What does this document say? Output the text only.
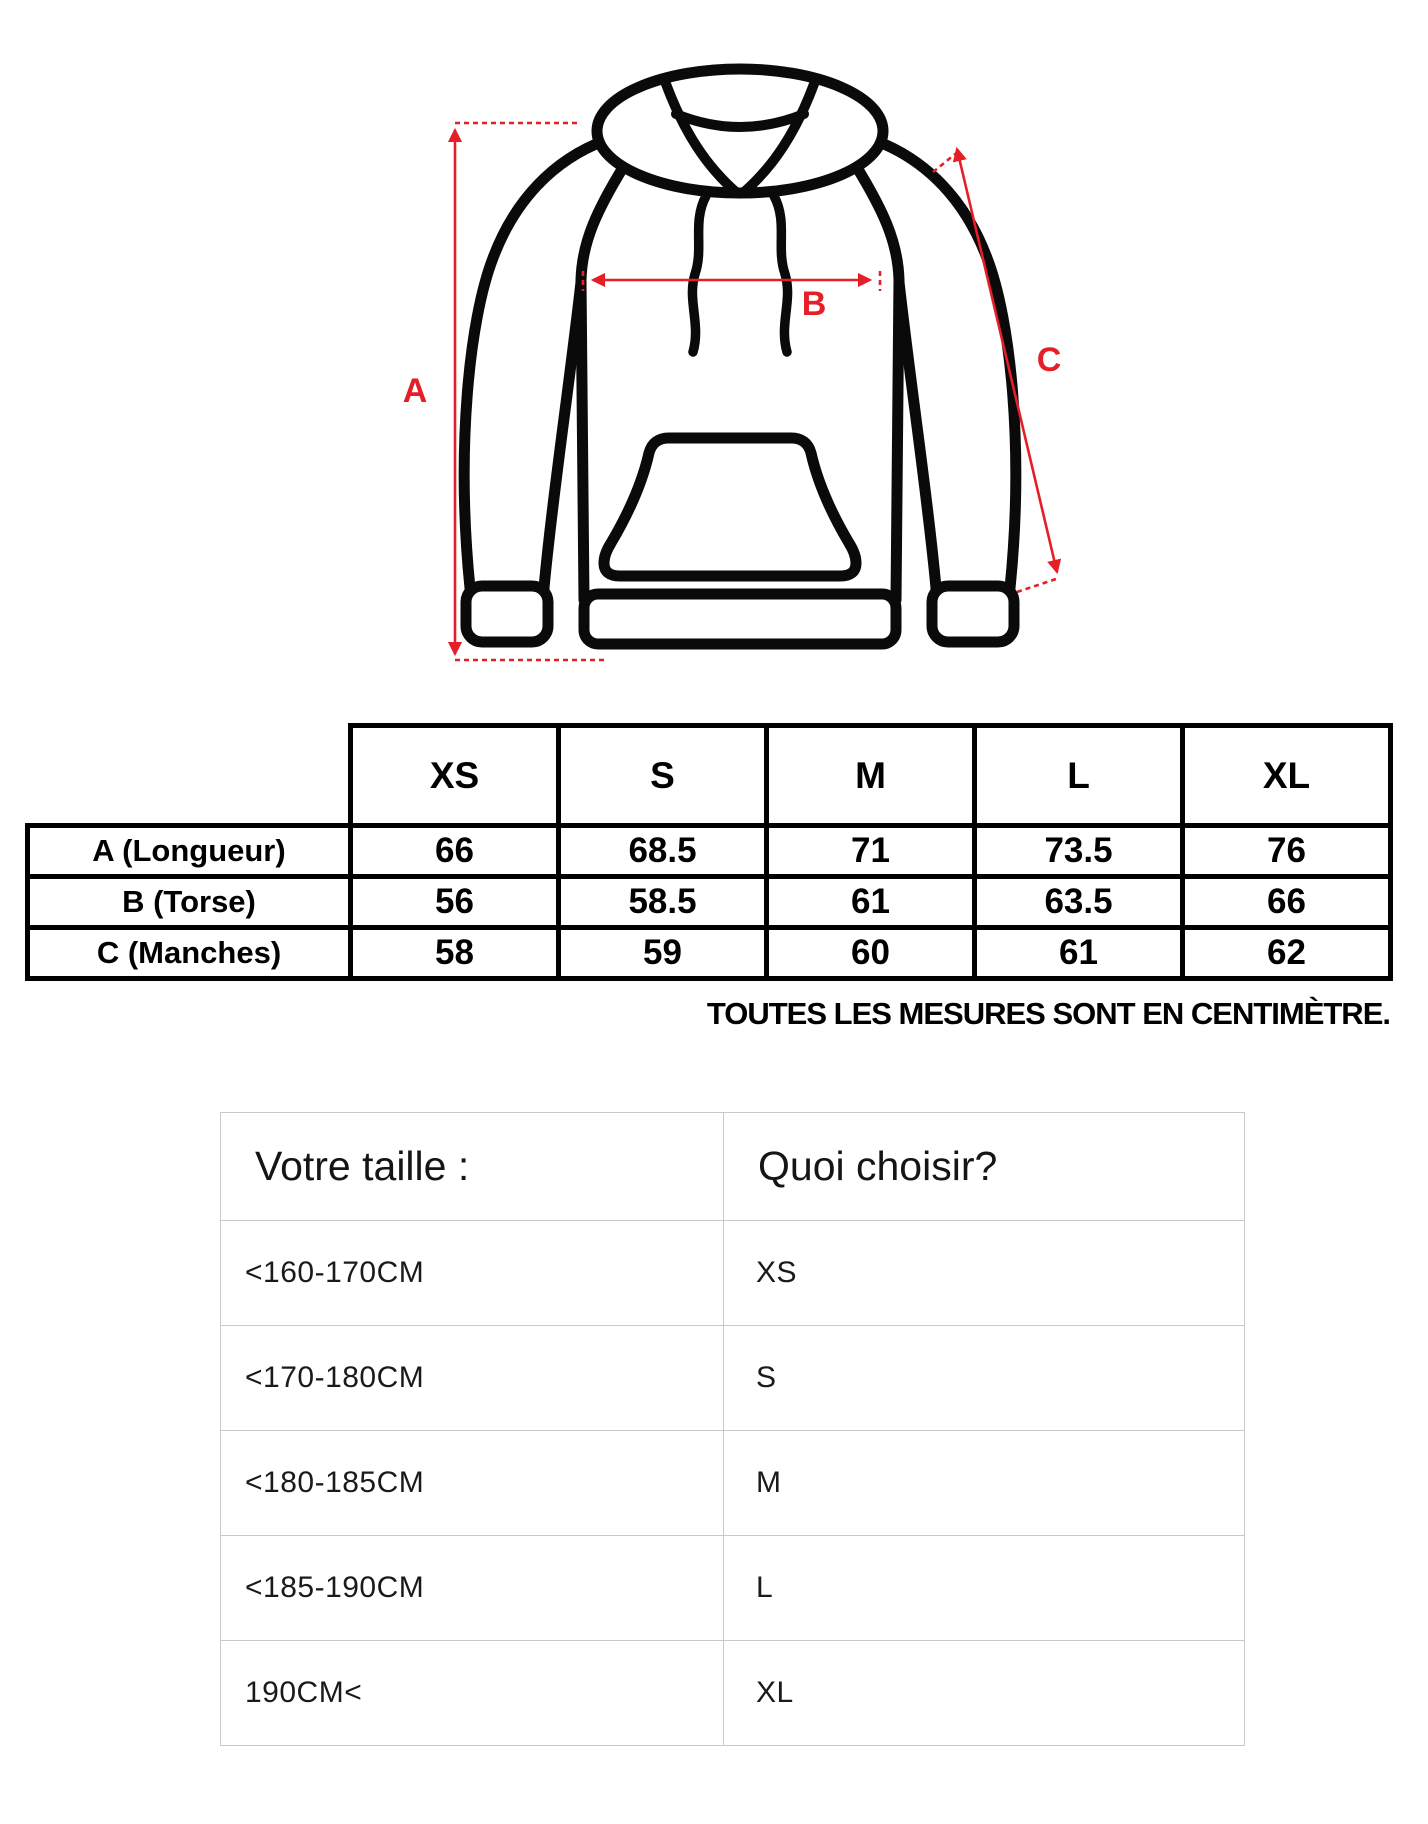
A
B
C
	XS	S	M	L	XL
A (Longueur)	66	68.5	71	73.5	76
B (Torse)	56	58.5	61	63.5	66
C (Manches)	58	59	60	61	62
TOUTES LES MESURES SONT EN CENTIMÈTRE.
Votre taille :	Quoi choisir?
<160-170CM	XS
<170-180CM	S
<180-185CM	M
<185-190CM	L
190CM<	XL
